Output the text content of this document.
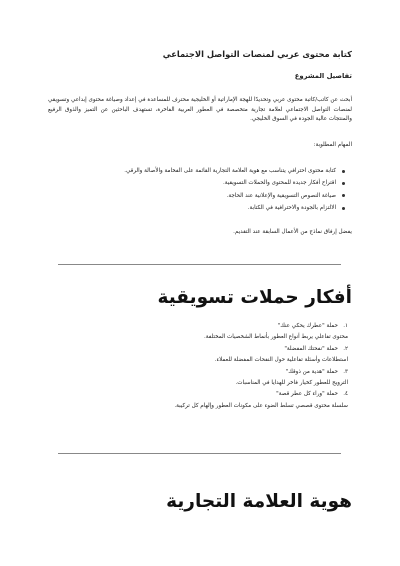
كتابة محتوى عربي لمنصات التواصل الاجتماعي
تفاصيل المشروع
أبحث عن كاتب/كاتبة محتوى عربي وتحديدًا للهجة الإماراتية أو الخليجية محترف للمساعدة في إعداد وصياغة محتوى إبداعي وتسويقي لمنصات التواصل الاجتماعي لعلامة تجارية متخصصة في العطور العربية الفاخرة، تستهدف الباحثين عن التميز والذوق الرفيع والمنتجات عالية الجودة في السوق الخليجي.
المهام المطلوبة:
كتابة محتوى احترافي يتناسب مع هوية العلامة التجارية القائمة على الفخامة والأصالة والرقي.
اقتراح أفكار جديدة للمحتوى والحملات التسويقية.
صياغة النصوص التسويقية والإعلانية عند الحاجة.
الالتزام بالجودة والاحترافية في الكتابة.
يفضل إرفاق نماذج من الأعمال السابقة عند التقديم.
أفكار حملات تسويقية
١.
حملة "عطرك يحكي عنك"
محتوى تفاعلي يربط أنواع العطور بأنماط الشخصيات المختلفة.
٢.
حملة "نفحتك المفضلة"
استطلاعات وأسئلة تفاعلية حول النفحات المفضلة للعملاء.
٣.
حملة "هدية من ذوقك"
الترويج للعطور كخيار فاخر للهدايا في المناسبات.
٤.
حملة "وراء كل عطر قصة"
سلسلة محتوى قصصي تسلط الضوء على مكونات العطور وإلهام كل تركيبة.
هوية العلامة التجارية
